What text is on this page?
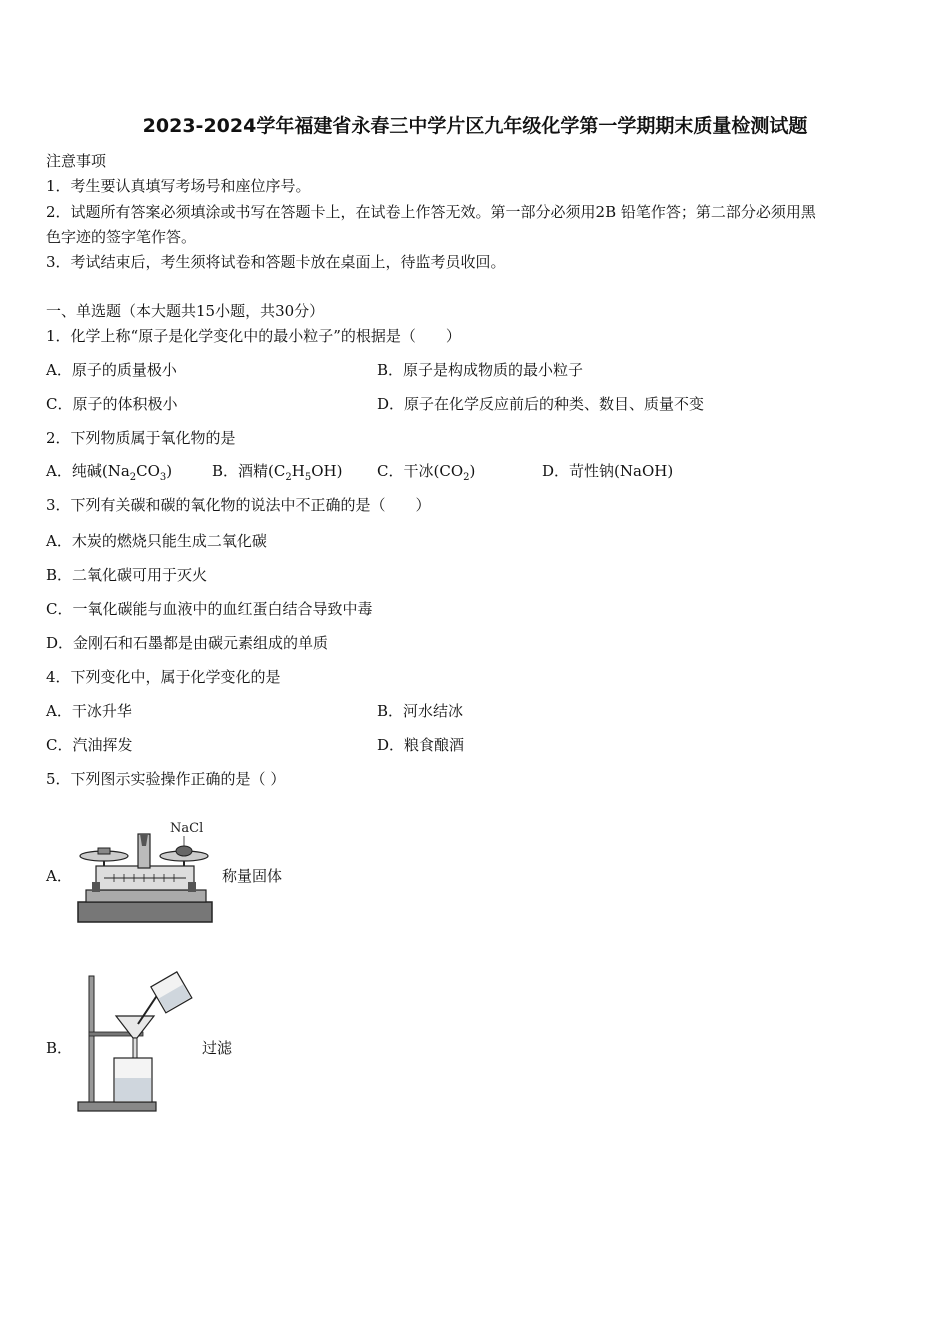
2023-2024学年福建省永春三中学片区九年级化学第一学期期末质量检测试题
注意事项
1．考生要认真填写考场号和座位序号。
2．试题所有答案必须填涂或书写在答题卡上，在试卷上作答无效。第一部分必须用2B 铅笔作答；第二部分必须用黑
色字迹的签字笔作答。
3．考试结束后，考生须将试卷和答题卡放在桌面上，待监考员收回。
一、单选题（本大题共15小题，共30分）
1．化学上称“原子是化学变化中的最小粒子”的根据是（　　）
A．原子的质量极小	B．原子是构成物质的最小粒子
C．原子的体积极小	D．原子在化学反应前后的种类、数目、质量不变
2．下列物质属于氧化物的是
A．纯碱$(Na_2CO_3)$	B．酒精$(C_2H_5OH)$ C．干冰$(CO_2)$	D．苛性钠(NaOH)
3．下列有关碳和碳的氧化物的说法中不正确的是（　　）
A．木炭的燃烧只能生成二氧化碳
B．二氧化碳可用于灭火
C．一氧化碳能与血液中的血红蛋白结合导致中毒
D．金刚石和石墨都是由碳元素组成的单质
4．下列变化中，属于化学变化的是
A．干冰升华	B．河水结冰
C．汽油挥发	D．粮食酿酒
5．下列图示实验操作正确的是（ ）
A．
NaCl
称量固体
B．	过滤
